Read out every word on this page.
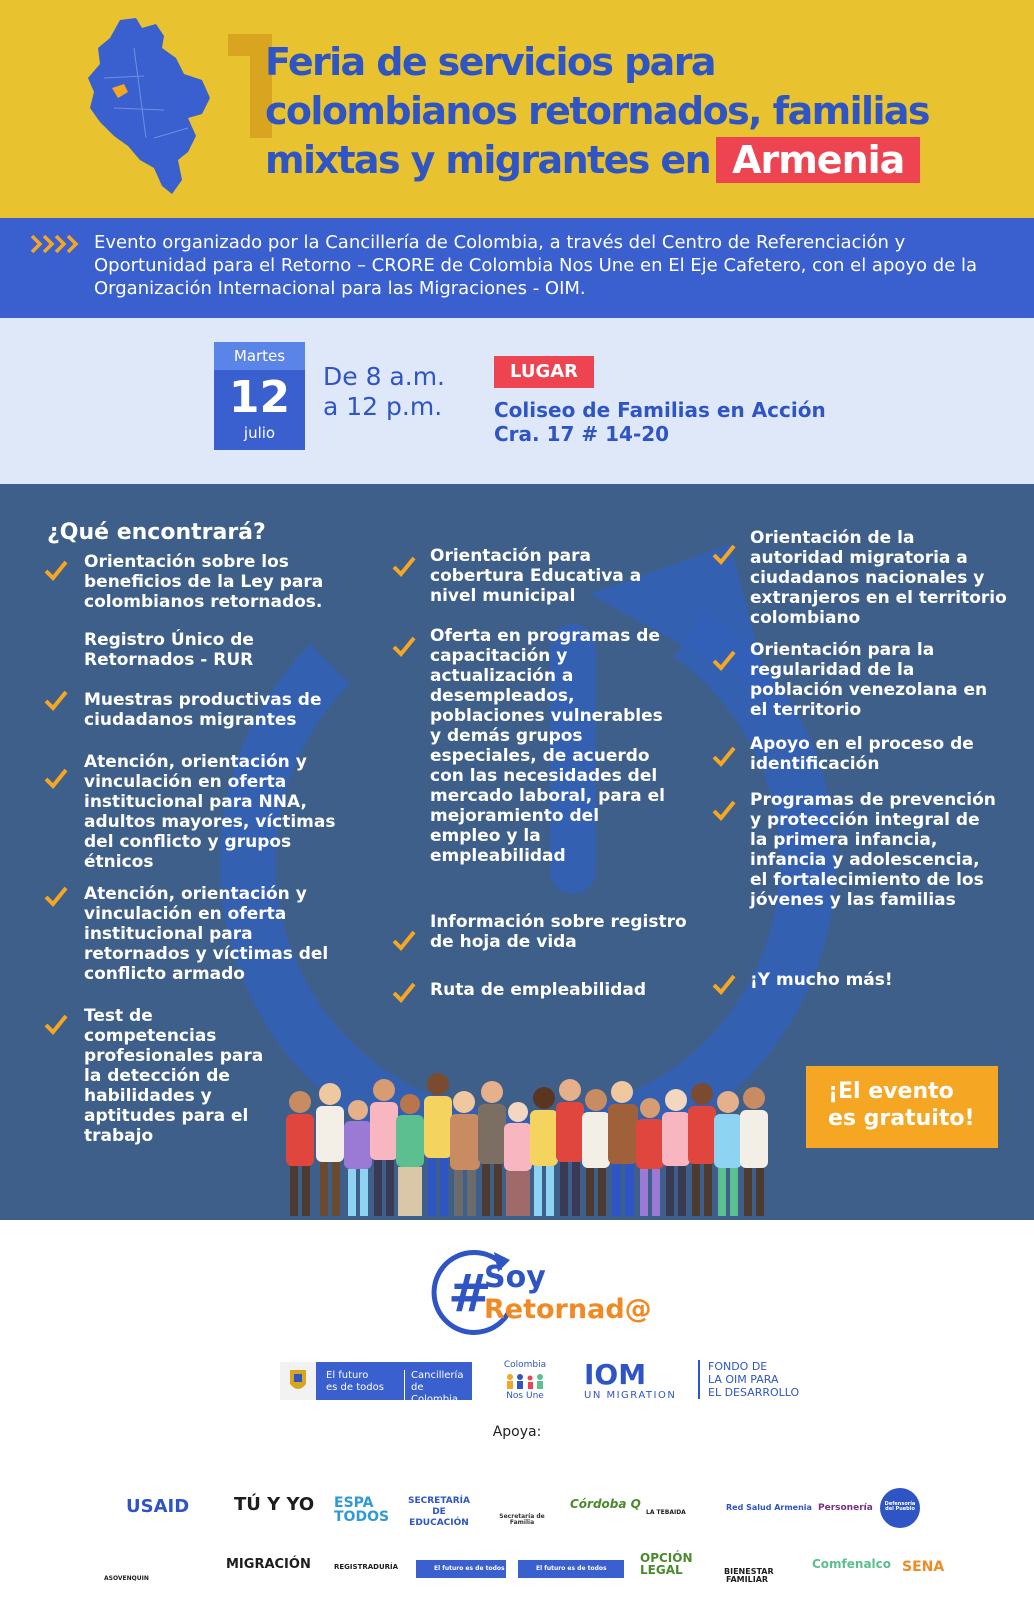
Feria de servicios para
colombianos retornados, familias
mixtas y migrantes en Armenia

Evento organizado por la Cancillería de Colombia, a través del Centro de Referenciación y Oportunidad para el Retorno – CRORE de Colombia Nos Une en El Eje Cafetero, con el apoyo de la Organización Internacional para las Migraciones - OIM.

Martes
12
julio
De 8 a.m.
a 12 p.m.
LUGAR
Coliseo de Familias en Acción
Cra. 17 # 14-20
¿Qué encontrará?
Orientación sobre los beneficios de la Ley para colombianos retornados.
Registro Único de Retornados - RUR
Muestras productivas de ciudadanos migrantes
Atención, orientación y vinculación en oferta institucional para NNA, adultos mayores, víctimas del conflicto y grupos étnicos
Atención, orientación y vinculación en oferta institucional para retornados y víctimas del conflicto armado
Test de competencias profesionales para la detección de habilidades y aptitudes para el trabajo
Orientación para cobertura Educativa a nivel municipal
Oferta en programas de capacitación y actualización a desempleados, poblaciones vulnerables y demás grupos especiales, de acuerdo con las necesidades del mercado laboral, para el mejoramiento del empleo y la empleabilidad
Información sobre registro de hoja de vida
Ruta de empleabilidad
Orientación de la autoridad migratoria a ciudadanos nacionales y extranjeros en el territorio colombiano
Orientación para la regularidad de la población venezolana en el territorio
Apoyo en el proceso de identificación
Programas de prevención y protección integral de la primera infancia, infancia y adolescencia, el fortalecimiento de los jóvenes y las familias
¡Y mucho más!
¡El evento
es gratuito!
#
Soy
Retornad@
El futuro
es de todos
Cancillería
de Colombia
Colombia
Nos Une
IOM
UN MIGRATION
FONDO DE
LA OIM PARA
EL DESARROLLO
Apoya:
USAID TÚ Y YO ESPA TODOS
SECRETARÍA DE EDUCACIÓN
Secretaría de Familia
Córdoba Q
LA TEBAIDA
Red Salud Armenia Personería	Defensoría del Pueblo
ASOVENQUIN
MIGRACIÓN	REGISTRADURÍA	El futuro es de todos	El futuro es de todos
OPCIÓN LEGAL	BIENESTAR FAMILIAR
Comfenalco SENA
